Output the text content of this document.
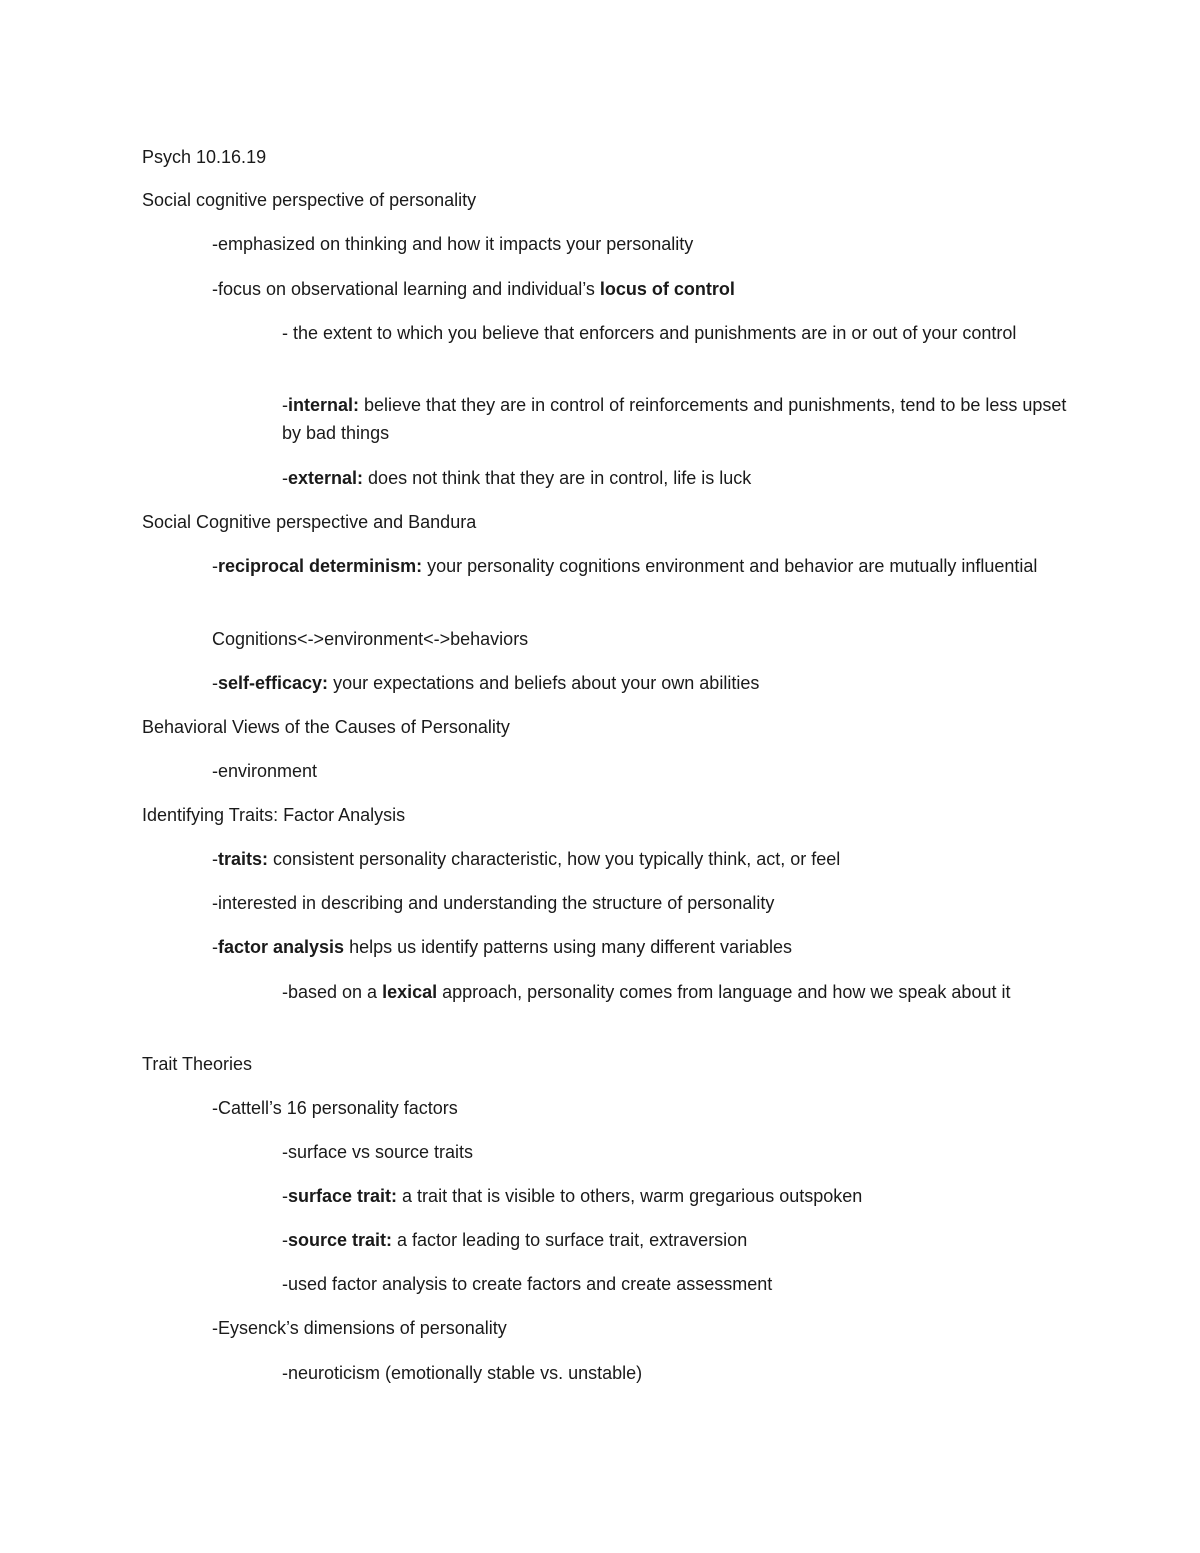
Psych 10.16.19

Social cognitive perspective of personality

-emphasized on thinking and how it impacts your personality

-focus on observational learning and individual’s locus of control

- the extent to which you believe that enforcers and punishments are in or out of your control

-internal: believe that they are in control of reinforcements and punishments, tend to be less upset by bad things

-external: does not think that they are in control, life is luck

Social Cognitive perspective and Bandura

-reciprocal determinism: your personality cognitions environment and behavior are mutually influential

Cognitions<->environment<->behaviors

-self-efficacy: your expectations and beliefs about your own abilities

Behavioral Views of the Causes of Personality

-environment

Identifying Traits: Factor Analysis

-traits: consistent personality characteristic, how you typically think, act, or feel

-interested in describing and understanding the structure of personality

-factor analysis helps us identify patterns using many different variables

-based on a lexical approach, personality comes from language and how we speak about it

Trait Theories

-Cattell’s 16 personality factors

-surface vs source traits

-surface trait: a trait that is visible to others, warm gregarious outspoken

-source trait: a factor leading to surface trait, extraversion

-used factor analysis to create factors and create assessment

-Eysenck’s dimensions of personality

-neuroticism (emotionally stable vs. unstable)
